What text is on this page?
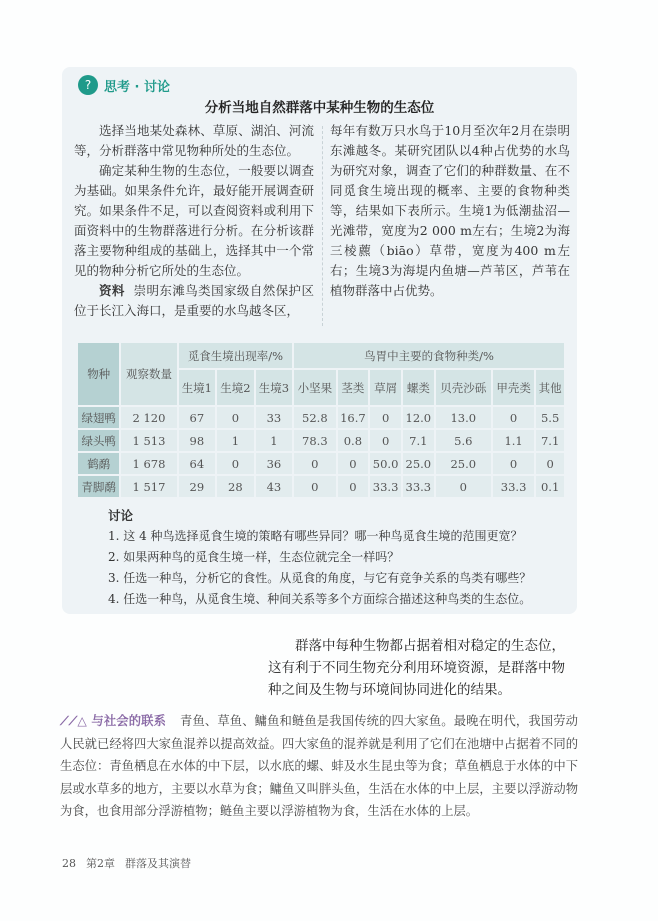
? 思考 · 讨论
分析当地自然群落中某种生物的生态位

选择当地某处森林、草原、湖泊、河流等，分析群落中常见物种所处的生态位。

确定某种生物的生态位，一般要以调查为基础。如果条件允许，最好能开展调查研究。如果条件不足，可以查阅资料或利用下面资料中的生物群落进行分析。在分析该群落主要物种组成的基础上，选择其中一个常见的物种分析它所处的生态位。

资料 崇明东滩鸟类国家级自然保护区位于长江入海口，是重要的水鸟越冬区，

每年有数万只水鸟于10月至次年2月在崇明东滩越冬。某研究团队以4种占优势的水鸟为研究对象，调查了它们的种群数量、在不同觅食生境出现的概率、主要的食物种类等，结果如下表所示。生境1为低潮盐沼—光滩带，宽度为2 000 m左右；生境2为海三棱藨（biāo）草带，宽度为400 m左右；生境3为海堤内鱼塘—芦苇区，芦苇在植物群落中占优势。

物种	观察数量	觅食生境出现率/%			鸟胃中主要的食物种类/%						
		生境1	生境2	生境3	小坚果	茎类	草屑	螺类	贝壳沙砾	甲壳类	其他
绿翅鸭	2 120	67	0	33	52.8	16.7	0	12.0	13.0	0	5.5
绿头鸭	1 513	98	1	1	78.3	0.8	0	7.1	5.6	1.1	7.1
鹤鹬	1 678	64	0	36	0	0	50.0	25.0	25.0	0	0
青脚鹬	1 517	29	28	43	0	0	33.3	33.3	0	33.3	0.1
讨论
1. 这 4 种鸟选择觅食生境的策略有哪些异同？哪一种鸟觅食生境的范围更宽？
2. 如果两种鸟的觅食生境一样，生态位就完全一样吗？
3. 任选一种鸟，分析它的食性。从觅食的角度，与它有竞争关系的鸟类有哪些？
4. 任选一种鸟，从觅食生境、种间关系等多个方面综合描述这种鸟类的生态位。
群落中每种生物都占据着相对稳定的生态位，这有利于不同生物充分利用环境资源，是群落中物种之间及生物与环境间协同进化的结果。
⟋⟋△ 与社会的联系 青鱼、草鱼、鳙鱼和鲢鱼是我国传统的四大家鱼。最晚在明代，我国劳动人民就已经将四大家鱼混养以提高效益。四大家鱼的混养就是利用了它们在池塘中占据着不同的生态位：青鱼栖息在水体的中下层，以水底的螺、蚌及水生昆虫等为食；草鱼栖息于水体的中下层或水草多的地方，主要以水草为食；鳙鱼又叫胖头鱼，生活在水体的中上层，主要以浮游动物为食，也食用部分浮游植物；鲢鱼主要以浮游植物为食，生活在水体的上层。
28 第2章 群落及其演替
